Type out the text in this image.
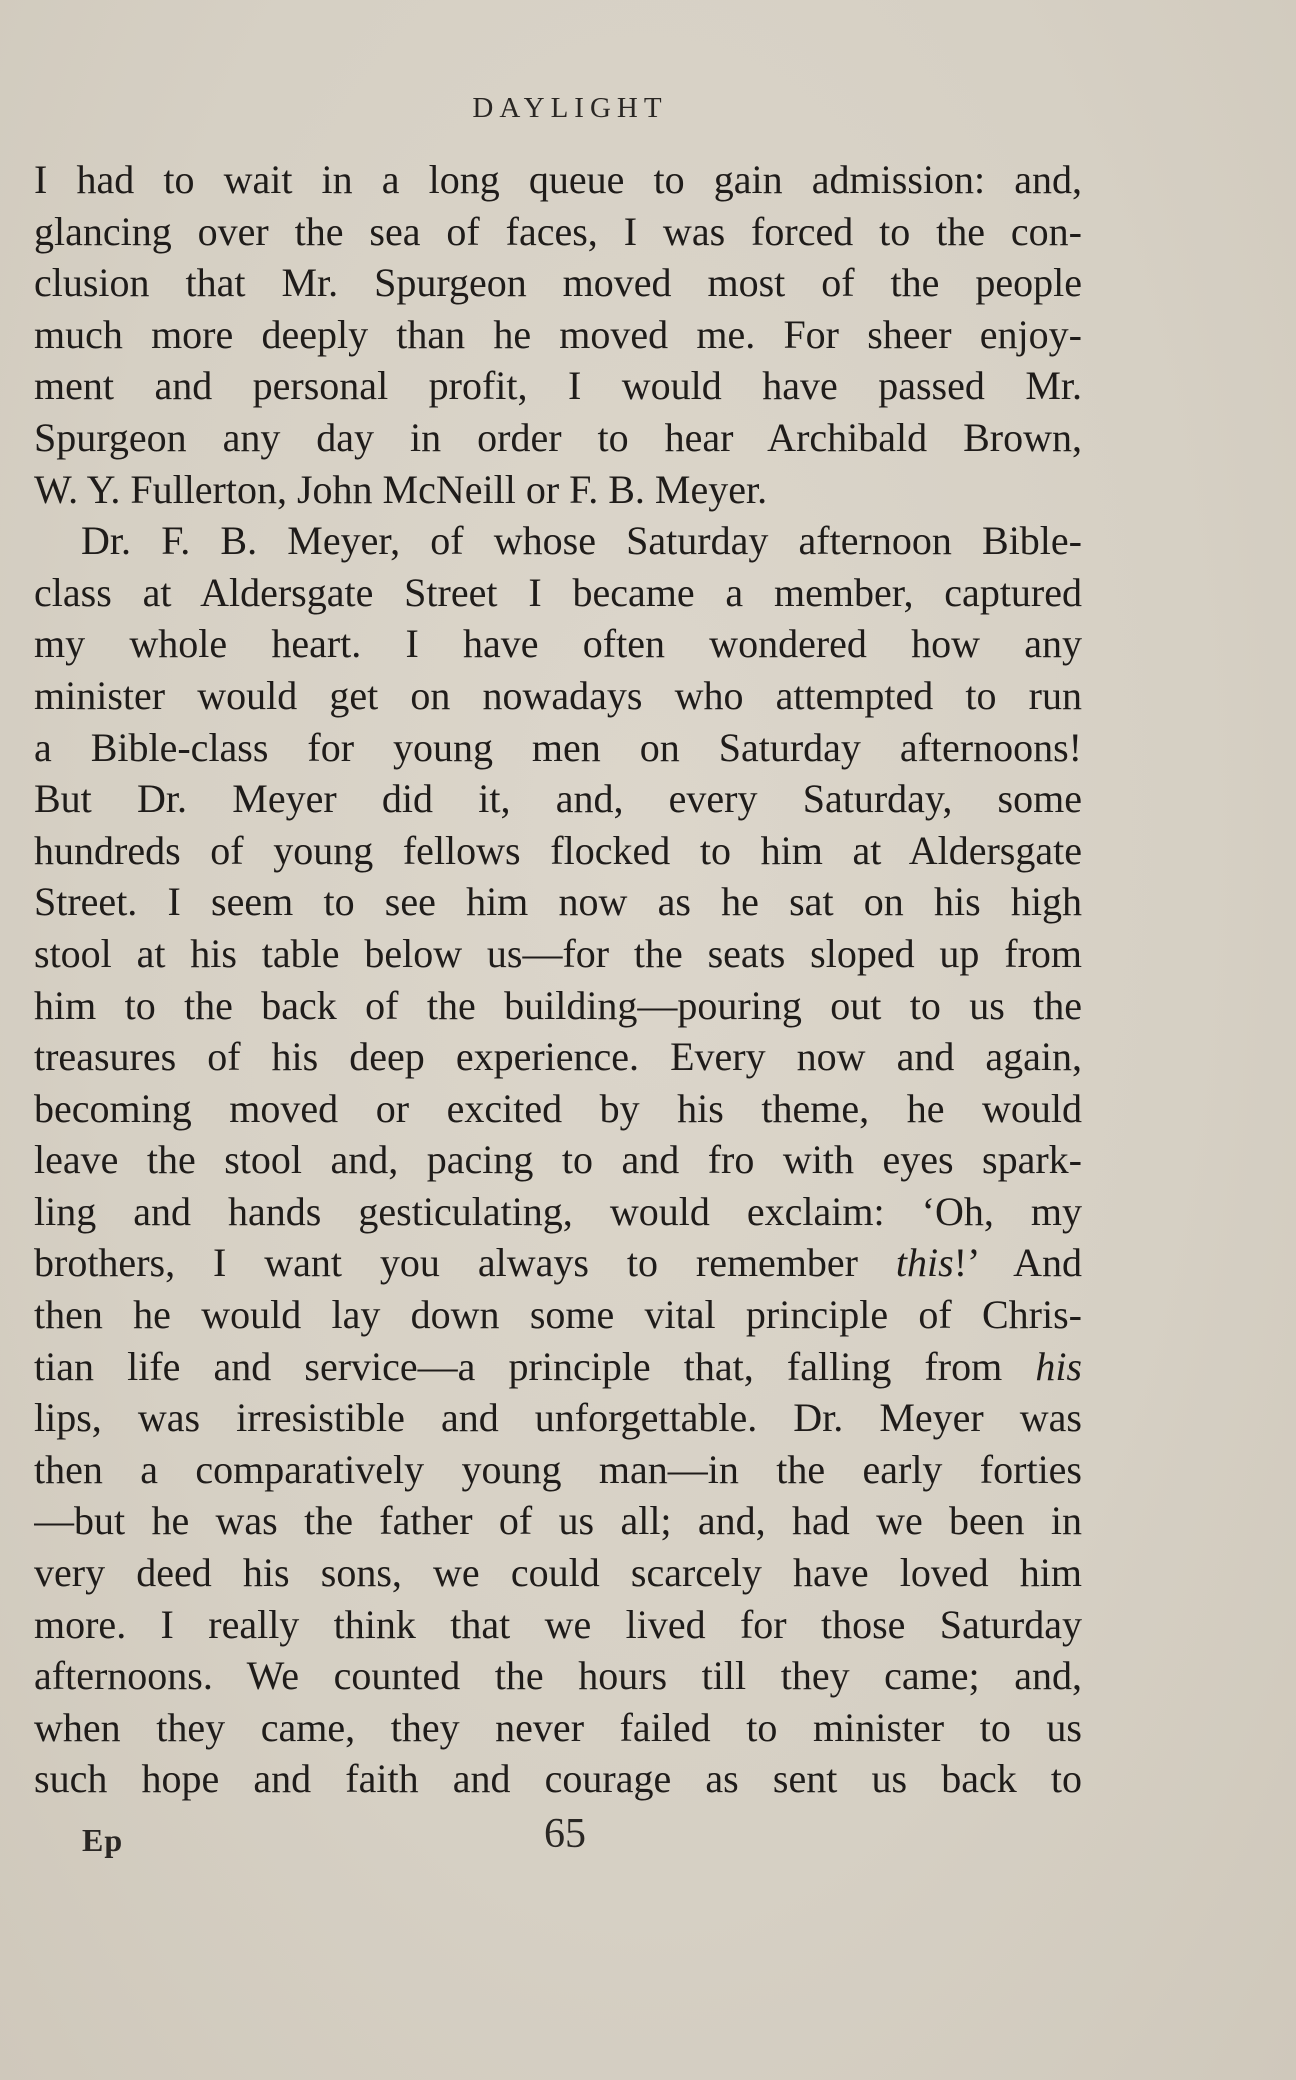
DAYLIGHT
I had to wait in a long queue to gain admission: and,
glancing over the sea of faces, I was forced to the con-
clusion that Mr. Spurgeon moved most of the people
much more deeply than he moved me. For sheer enjoy-
ment and personal profit, I would have passed Mr.
Spurgeon any day in order to hear Archibald Brown,
W. Y. Fullerton, John McNeill or F. B. Meyer.
Dr. F. B. Meyer, of whose Saturday afternoon Bible-
class at Aldersgate Street I became a member, captured
my whole heart. I have often wondered how any
minister would get on nowadays who attempted to run
a Bible-class for young men on Saturday afternoons!
But Dr. Meyer did it, and, every Saturday, some
hundreds of young fellows flocked to him at Aldersgate
Street. I seem to see him now as he sat on his high
stool at his table below us—for the seats sloped up from
him to the back of the building—pouring out to us the
treasures of his deep experience. Every now and again,
becoming moved or excited by his theme, he would
leave the stool and, pacing to and fro with eyes spark-
ling and hands gesticulating, would exclaim: ‘Oh, my
brothers, I want you always to remember this!’ And
then he would lay down some vital principle of Chris-
tian life and service—a principle that, falling from his
lips, was irresistible and unforgettable. Dr. Meyer was
then a comparatively young man—in the early forties
—but he was the father of us all; and, had we been in
very deed his sons, we could scarcely have loved him
more. I really think that we lived for those Saturday
afternoons. We counted the hours till they came; and,
when they came, they never failed to minister to us
such hope and faith and courage as sent us back to
Ep	65
